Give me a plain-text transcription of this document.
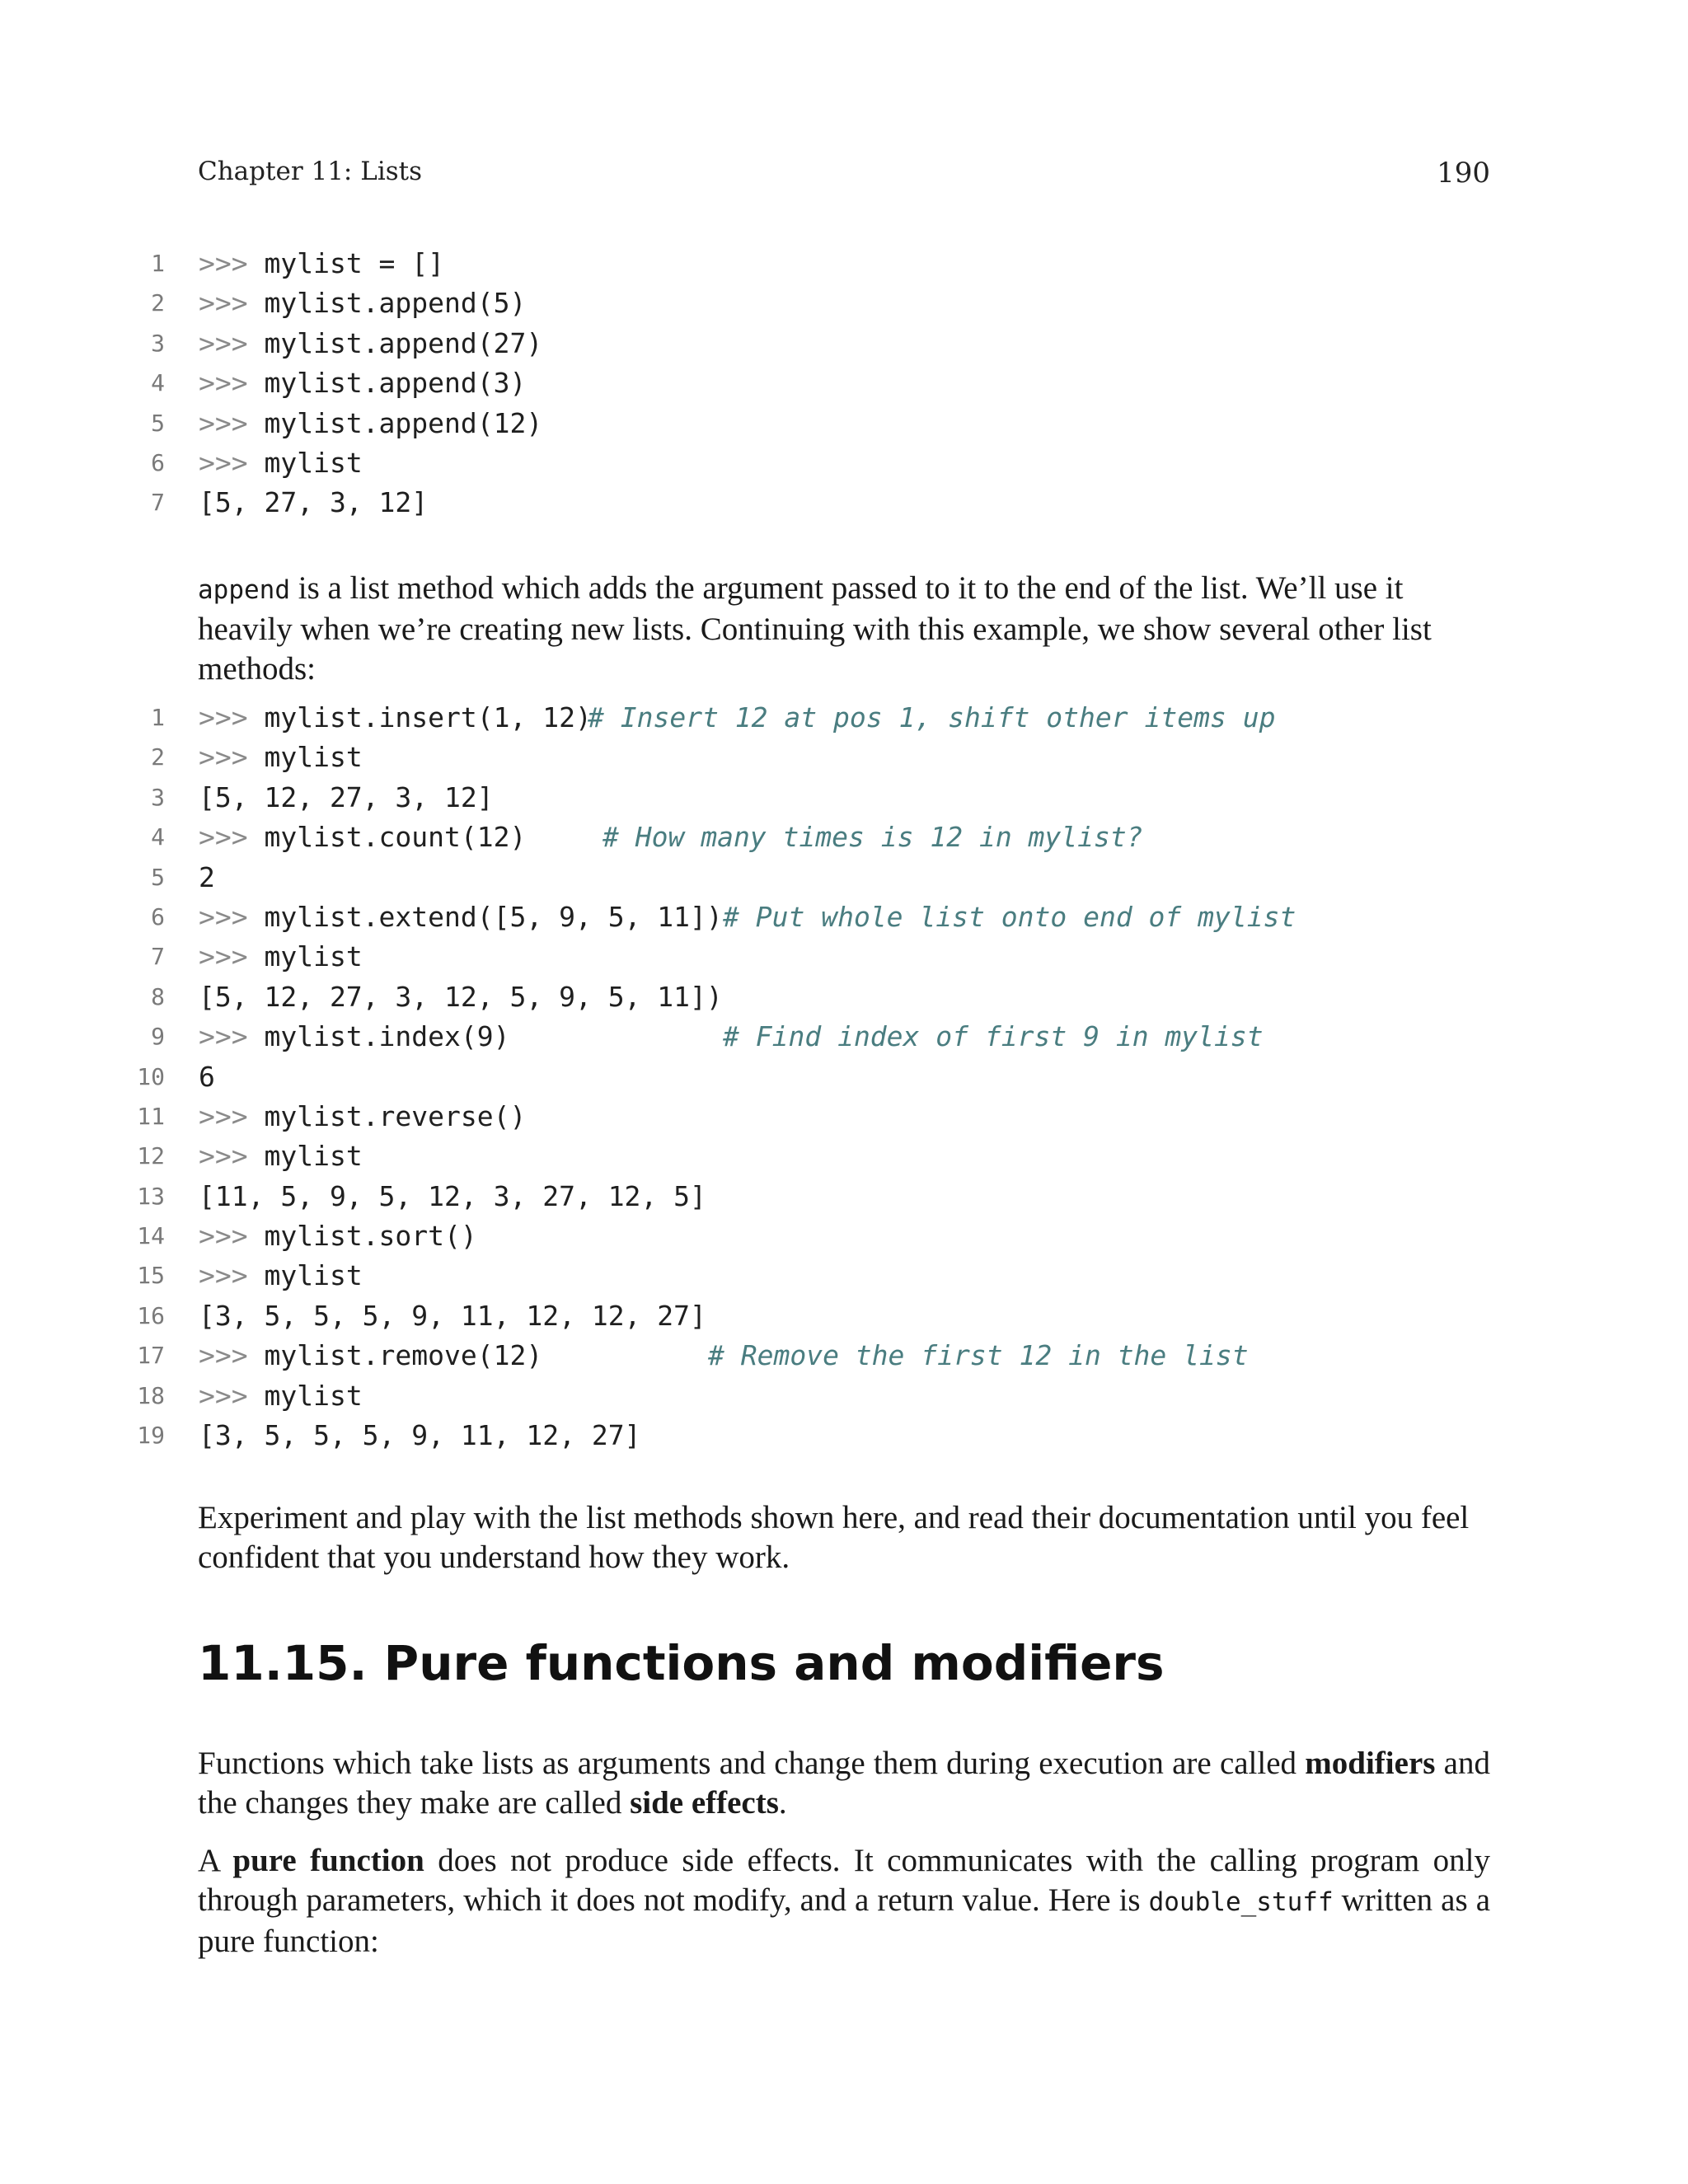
Chapter 11: Lists	190
1 >>> mylist = []
2 >>> mylist.append(5)
3 >>> mylist.append(27)
4 >>> mylist.append(3)
5 >>> mylist.append(12)
6 >>> mylist
7 [5, 27, 3, 12]
append is a list method which adds the argument passed to it to the end of the list. We’ll use it heavily when we’re creating new lists. Continuing with this example, we show several other list methods:
1 >>> mylist.insert(1, 12)
# Insert 12 at pos 1, shift other items up
2 >>> mylist
3 [5, 12, 27, 3, 12]
4 >>> mylist.count(12)	# How many times is 12 in mylist?
5 2
6 >>> mylist.extend([5, 9, 5, 11]) # Put whole list onto end of mylist
7 >>> mylist
8 [5, 12, 27, 3, 12, 5, 9, 5, 11])
9 >>> mylist.index(9)	# Find index of first 9 in mylist
10 6
11 >>> mylist.reverse()
12 >>> mylist
13 [11, 5, 9, 5, 12, 3, 27, 12, 5]
14 >>> mylist.sort()
15 >>> mylist
16 [3, 5, 5, 5, 9, 11, 12, 12, 27]
17 >>> mylist.remove(12)	# Remove the first 12 in the list
18 >>> mylist
19 [3, 5, 5, 5, 9, 11, 12, 27]
Experiment and play with the list methods shown here, and read their documentation until you feel confident that you understand how they work.
11.15. Pure functions and modifiers
Functions which take lists as arguments and change them during execution are called modifiers and the changes they make are called side effects.
A pure function does not produce side effects. It communicates with the calling program only through parameters, which it does not modify, and a return value. Here is double_stuff written as a pure function:
